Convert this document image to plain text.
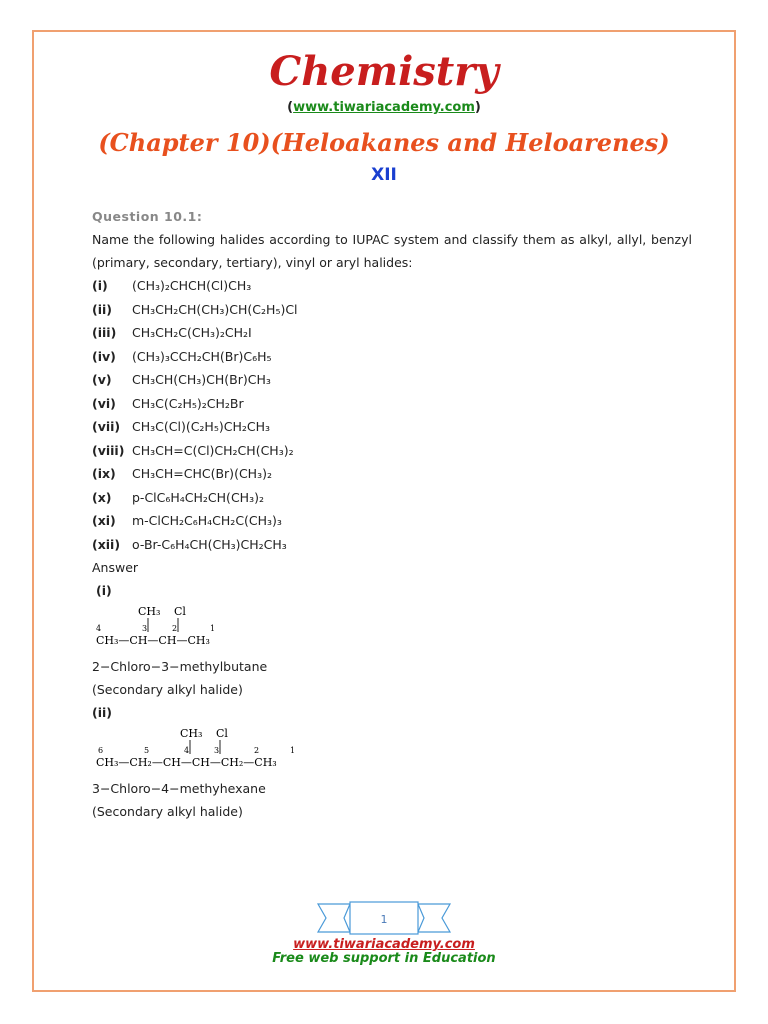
Chemistry
(www.tiwariacademy.com)
(Chapter 10)(Heloakanes and Heloarenes)
XII
Question 10.1:
Name the following halides according to IUPAC system and classify them as alkyl, allyl, benzyl (primary, secondary, tertiary), vinyl or aryl halides:
(i)	(CH₃)₂CHCH(Cl)CH₃
(ii)	CH₃CH₂CH(CH₃)CH(C₂H₅)Cl
(iii)	CH₃CH₂C(CH₃)₂CH₂I
(iv)	(CH₃)₃CCH₂CH(Br)C₆H₅
(v)	CH₃CH(CH₃)CH(Br)CH₃
(vi)	CH₃C(C₂H₅)₂CH₂Br
(vii) CH₃C(Cl)(C₂H₅)CH₂CH₃
(viii) CH₃CH=C(Cl)CH₂CH(CH₃)₂
(ix)	CH₃CH=CHC(Br)(CH₃)₂
(x)	p-ClC₆H₄CH₂CH(CH₃)₂
(xi)	m-ClCH₂C₆H₄CH₂C(CH₃)₃
(xii) o-Br-C₆H₄CH(CH₃)CH₂CH₃
Answer
(i)
CH₃ Cl
4	3	2	1
CH₃—CH—CH—CH₃
2−Chloro−3−methylbutane
(Secondary alkyl halide)
(ii)
CH₃ Cl
6	5	4	3	2	1
CH₃—CH₂—CH—CH—CH₂—CH₃
3−Chloro−4−methyhexane
(Secondary alkyl halide)
1
www.tiwariacademy.com
Free web support in Education
